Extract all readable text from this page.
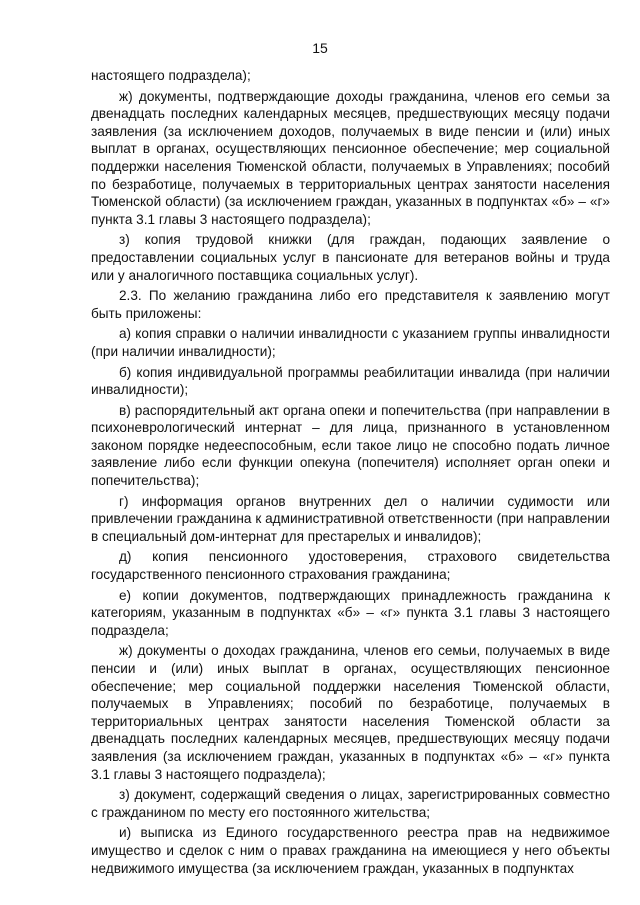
15

настоящего подраздела);

ж) документы, подтверждающие доходы гражданина, членов его семьи за двенадцать последних календарных месяцев, предшествующих месяцу подачи заявления (за исключением доходов, получаемых в виде пенсии и (или) иных выплат в органах, осуществляющих пенсионное обеспечение; мер социальной поддержки населения Тюменской области, получаемых в Управлениях; пособий по безработице, получаемых в территориальных центрах занятости населения Тюменской области) (за исключением граждан, указанных в подпунктах «б» – «г» пункта 3.1 главы 3 настоящего подраздела);

з) копия трудовой книжки (для граждан, подающих заявление о предоставлении социальных услуг в пансионате для ветеранов войны и труда или у аналогичного поставщика социальных услуг).

2.3. По желанию гражданина либо его представителя к заявлению могут быть приложены:

а) копия справки о наличии инвалидности с указанием группы инвалидности (при наличии инвалидности);

б) копия индивидуальной программы реабилитации инвалида (при наличии инвалидности);

в) распорядительный акт органа опеки и попечительства (при направлении в психоневрологический интернат – для лица, признанного в установленном законом порядке недееспособным, если такое лицо не способно подать личное заявление либо если функции опекуна (попечителя) исполняет орган опеки и попечительства);

г) информация органов внутренних дел о наличии судимости или привлечении гражданина к административной ответственности (при направлении в специальный дом-интернат для престарелых и инвалидов);

д) копия пенсионного удостоверения, страхового свидетельства государственного пенсионного страхования гражданина;

е) копии документов, подтверждающих принадлежность гражданина к категориям, указанным в подпунктах «б» – «г» пункта 3.1 главы 3 настоящего подраздела;

ж) документы о доходах гражданина, членов его семьи, получаемых в виде пенсии и (или) иных выплат в органах, осуществляющих пенсионное обеспечение; мер социальной поддержки населения Тюменской области, получаемых в Управлениях; пособий по безработице, получаемых в территориальных центрах занятости населения Тюменской области за двенадцать последних календарных месяцев, предшествующих месяцу подачи заявления (за исключением граждан, указанных в подпунктах «б» – «г» пункта 3.1 главы 3 настоящего подраздела);

з) документ, содержащий сведения о лицах, зарегистрированных совместно с гражданином по месту его постоянного жительства;

и) выписка из Единого государственного реестра прав на недвижимое имущество и сделок с ним о правах гражданина на имеющиеся у него объекты недвижимого имущества (за исключением граждан, указанных в подпунктах
